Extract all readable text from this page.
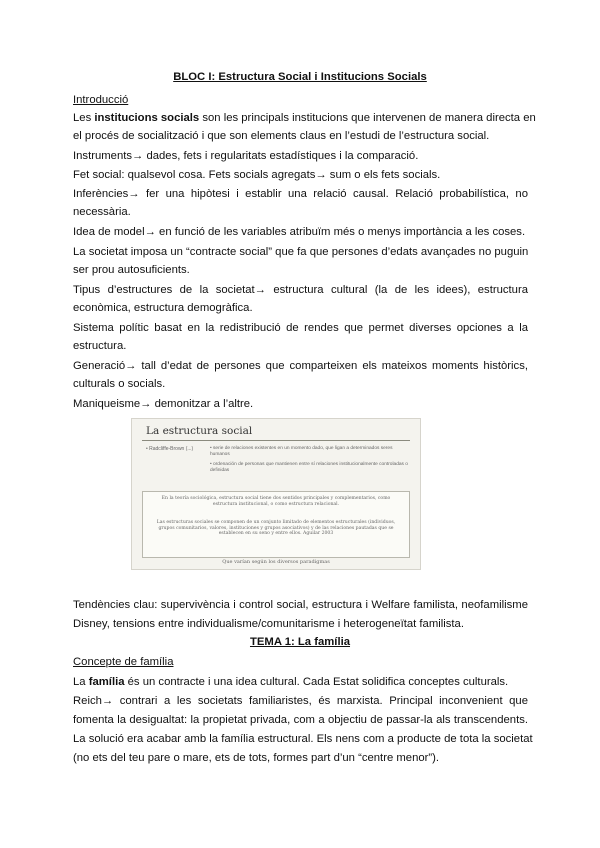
BLOC I: Estructura Social i Institucions Socials
Introducció
Les institucions socials son les principals institucions que intervenen de manera directa en
el procés de socialització i que son elements claus en l’estudi de l’estructura social.
Instruments→ dades, fets i regularitats estadístiques i la comparació.
Fet social: qualsevol cosa. Fets socials agregats→ sum o els fets socials.
Inferències→ fer una hipòtesi i establir una relació causal. Relació probabilística, no
necessària.
Idea de model→ en funció de les variables atribuïm més o menys importància a les coses.
La societat imposa un “contracte social” que fa que persones d’edats avançades no puguin
ser prou autosuficients.
Tipus d’estructures de la societat→ estructura cultural (la de les idees), estructura
econòmica, estructura demogràfica.
Sistema polític basat en la redistribució de rendes que permet diverses opciones a la
estructura.
Generació→ tall d’edat de persones que comparteixen els mateixos moments històrics,
culturals o socials.
Maniqueisme→ demonitzar a l’altre.
La estructura social
• Radcliffe-Brown (...)	• serie de relaciones existentes en un momento dado, que ligan a determinados seres humanos
• ordenación de personas que mantienen entre sí relaciones institucionalmente controladas o definidas
En la teoría sociológica, estructura social tiene dos sentidos principales y complementarios, como estructura institucional, o como estructura relacional.
Las estructuras sociales se componen de un conjunto limitado de elementos estructurales (individuos, grupos comunitarios, valores, instituciones y grupos asociativos) y de las relaciones pautadas que se establecen en su seno y entre ellos. Aguilar 2003
Que varían según los diversos paradigmas
Tendències clau: supervivència i control social, estructura i Welfare familista, neofamilisme
Disney, tensions entre individualisme/comunitarisme i heterogeneïtat familista.
TEMA 1: La família
Concepte de família
La família és un contracte i una idea cultural. Cada Estat solidifica conceptes culturals.
Reich→ contrari a les societats familiaristes, és marxista. Principal inconvenient que
fomenta la desigualtat: la propietat privada, com a objectiu de passar-la als transcendents.
La solució era acabar amb la família estructural. Els nens com a producte de tota la societat
(no ets del teu pare o mare, ets de tots, formes part d’un “centre menor”).
